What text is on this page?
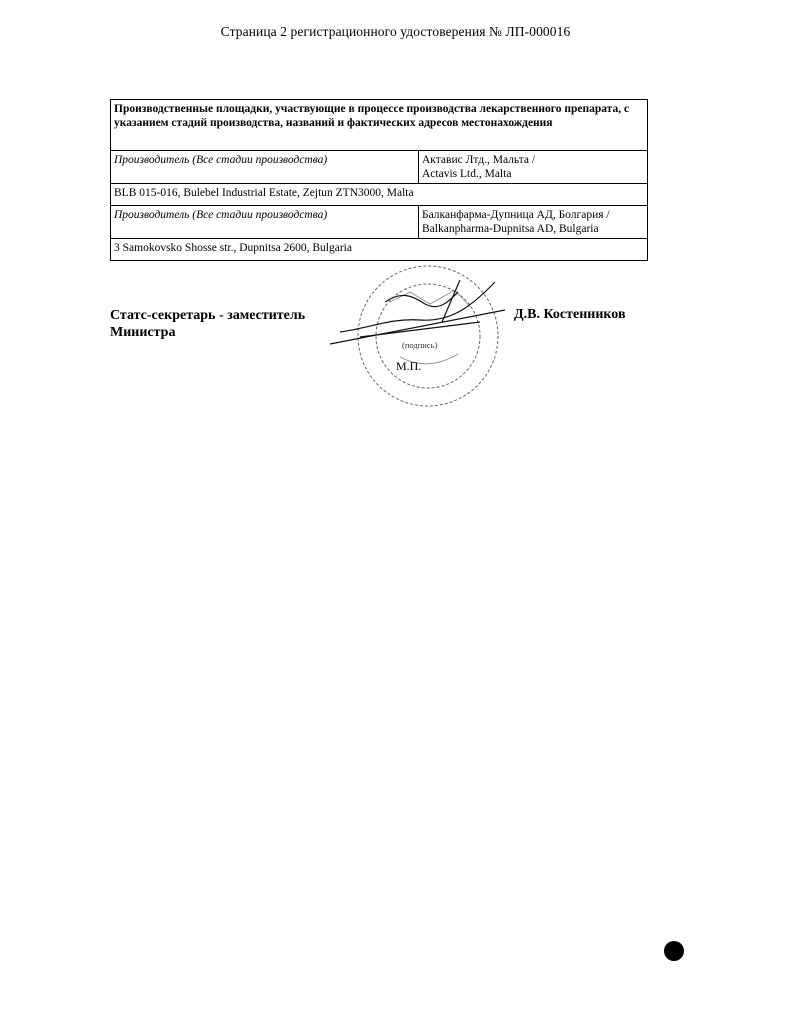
Страница 2 регистрационного удостоверения № ЛП-000016
Производственные площадки, участвующие в процессе производства лекарственного препарата, с указанием стадий производства, названий и фактических адресов местонахождения	
Производитель (Все стадии производства)	Актавис Лтд., Мальта /
Actavis Ltd., Malta

BLB 015-016, Bulebel Industrial Estate, Zejtun ZTN3000, Malta	
Производитель (Все стадии производства)	Балканфарма-Дупница АД, Болгария /
Balkanpharma-Dupnitsa AD, Bulgaria

3 Samokovsko Shosse str., Dupnitsa 2600, Bulgaria	
Статс-секретарь - заместитель
Министра
Д.В. Костенников
(подпись)
М.П.
